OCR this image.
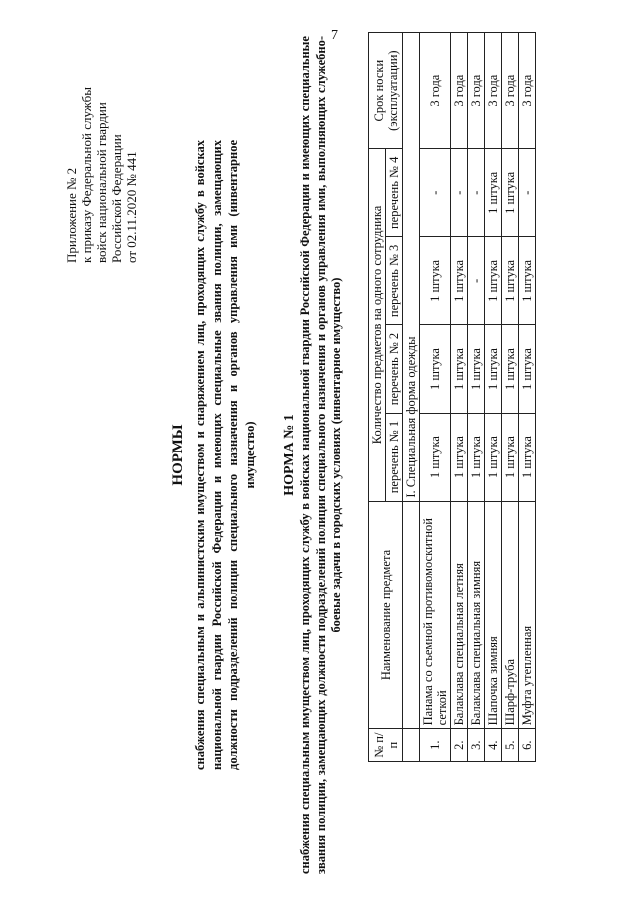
7
Приложение № 2 к приказу Федеральной службы войск национальной гвардии Российской Федерации от 02.11.2020 № 441
НОРМЫ снабжения специальным и альпинистским имуществом и снаряжением лиц, проходящих службу в войсках национальной гвардии Российской Федерации и имеющих специальные звания полиции, замещающих должности подразделений полиции специального назначения и органов управления ими (инвентарное имущество) НОРМА № 1 снабжения специальным имуществом лиц, проходящих службу в войсках национальной гвардии Российской Федерации и имеющих специальные звания полиции, замещающих должности подразделений полиции специального назначения и органов управления ими, выполняющих служебно-боевые задачи в городских условиях (инвентарное имущество)
№ п/п	Наименование предмета	Количество предметов на одного сотрудника				Срок носки (эксплуатации)
		перечень № 1	перечень № 2	перечень № 3	перечень № 4	
		I. Специальная форма одежды				
1.	Панама со съемной противомоскитной сеткой	1 штука	1 штука	1 штука	-	3 года
2.	Балаклава специальная летняя	1 штука	1 штука	1 штука	-	3 года
3.	Балаклава специальная зимняя	1 штука	1 штука	-	-	3 года
4.	Шапочка зимняя	1 штука	1 штука	1 штука	1 штука	3 года
5.	Шарф-труба	1 штука	1 штука	1 штука	1 штука	3 года
6.	Муфта утепленная	1 штука	1 штука	1 штука	-	3 года
